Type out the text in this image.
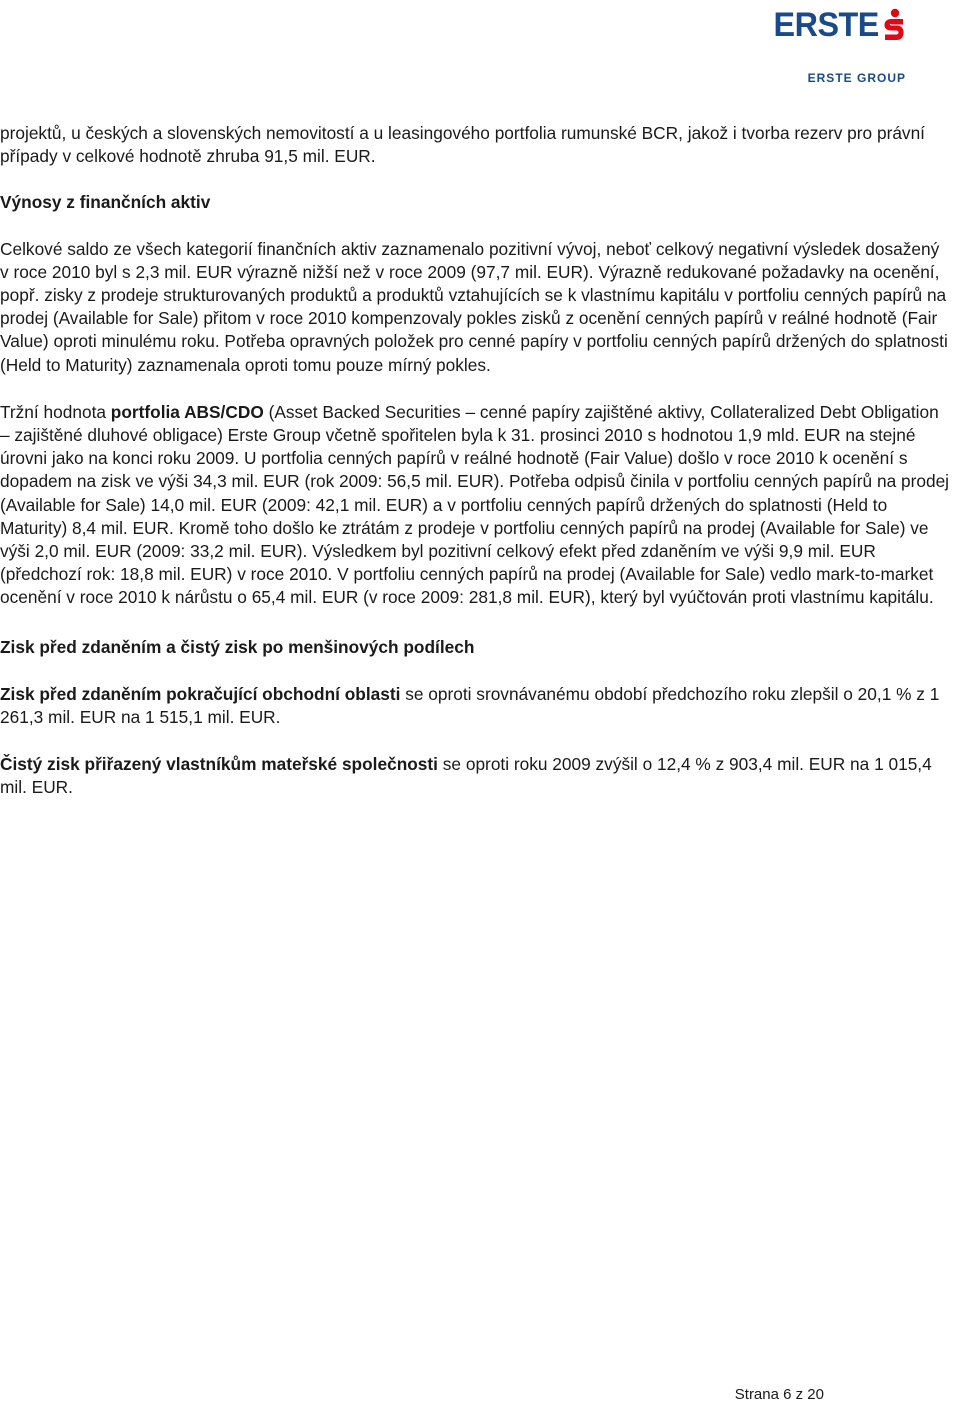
ERSTE
ERSTE GROUP

projektů, u českých a slovenských nemovitostí a u leasingového portfolia rumunské BCR, jakož i tvorba rezerv pro právní případy v celkové hodnotě zhruba 91,5 mil. EUR.

Výnosy z finančních aktiv

Celkové saldo ze všech kategorií finančních aktiv zaznamenalo pozitivní vývoj, neboť celkový negativní výsledek dosažený v roce 2010 byl s 2,3 mil. EUR výrazně nižší než v roce 2009 (97,7 mil. EUR). Výrazně redukované požadavky na ocenění, popř. zisky z prodeje strukturovaných produktů a produktů vztahujících se k vlastnímu kapitálu v portfoliu cenných papírů na prodej (Available for Sale) přitom v roce 2010 kompenzovaly pokles zisků z ocenění cenných papírů v reálné hodnotě (Fair Value) oproti minulému roku. Potřeba opravných položek pro cenné papíry v portfoliu cenných papírů držených do splatnosti (Held to Maturity) zaznamenala oproti tomu pouze mírný pokles.

Tržní hodnota portfolia ABS/CDO (Asset Backed Securities – cenné papíry zajištěné aktivy, Collateralized Debt Obligation – zajištěné dluhové obligace) Erste Group včetně spořitelen byla k 31. prosinci 2010 s hodnotou 1,9 mld. EUR na stejné úrovni jako na konci roku 2009. U portfolia cenných papírů v reálné hodnotě (Fair Value) došlo v roce 2010 k ocenění s dopadem na zisk ve výši 34,3 mil. EUR (rok 2009: 56,5 mil. EUR). Potřeba odpisů činila v portfoliu cenných papírů na prodej (Available for Sale) 14,0 mil. EUR (2009: 42,1 mil. EUR) a v portfoliu cenných papírů držených do splatnosti (Held to Maturity) 8,4 mil. EUR. Kromě toho došlo ke ztrátám z prodeje v portfoliu cenných papírů na prodej (Available for Sale) ve výši 2,0 mil. EUR (2009: 33,2 mil. EUR). Výsledkem byl pozitivní celkový efekt před zdaněním ve výši 9,9 mil. EUR (předchozí rok: 18,8 mil. EUR) v roce 2010. V portfoliu cenných papírů na prodej (Available for Sale) vedlo mark-to-market ocenění v roce 2010 k nárůstu o 65,4 mil. EUR (v roce 2009: 281,8 mil. EUR), který byl vyúčtován proti vlastnímu kapitálu.

Zisk před zdaněním a čistý zisk po menšinových podílech

Zisk před zdaněním pokračující obchodní oblasti se oproti srovnávanému období předchozího roku zlepšil o 20,1 % z 1 261,3 mil. EUR na 1 515,1 mil. EUR.

Čistý zisk přiřazený vlastníkům mateřské společnosti se oproti roku 2009 zvýšil o 12,4 % z 903,4 mil. EUR na 1 015,4 mil. EUR.

Strana 6 z 20
